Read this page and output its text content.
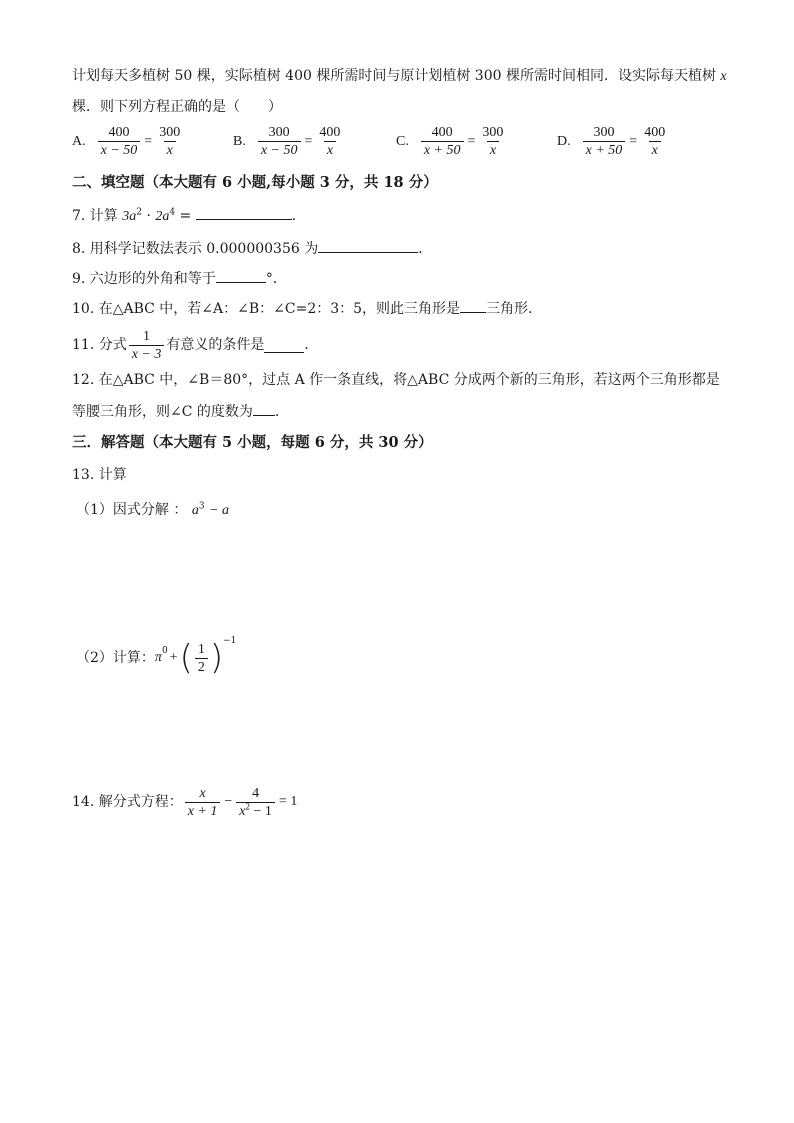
计划每天多植树 50 棵，实际植树 400 棵所需时间与原计划植树 300 棵所需时间相同．设实际每天植树 x
棵．则下列方程正确的是（　　）
A. $\frac{400}{x - 50} = \frac{300}{x}$	B. $\frac{300}{x - 50} = \frac{400}{x}$	C. $\frac{400}{x + 50} = \frac{300}{x}$	D. $\frac{300}{x + 50} = \frac{400}{x}$
二、填空题（本大题有 6 小题,每小题 3 分，共 18 分）
7. 计算 $3a^2 \cdot 2a^4$ =	．
8. 用科学记数法表示 0.000000356 为	．
9. 六边形的外角和等于	°．
10. 在△ABC 中，若∠A：∠B：∠C=2：3：5，则此三角形是 三角形．
11. 分式 $\frac{1}{x - 3}$ 有意义的条件是	．
12. 在△ABC 中，∠B＝80°，过点 A 作一条直线，将△ABC 分成两个新的三角形，若这两个三角形都是
等腰三角形，则∠C 的度数为 ．
三．解答题（本大题有 5 小题，每题 6 分，共 30 分）
13. 计算
（1）因式分解 ： $a^3 - a$
（2）计算： $\pi^0$ + ( $\frac{1}{2} )^{-1}$
14. 解分式方程： $\frac{x}{x + 1} - \frac{4}{x^2 - 1} = 1$
